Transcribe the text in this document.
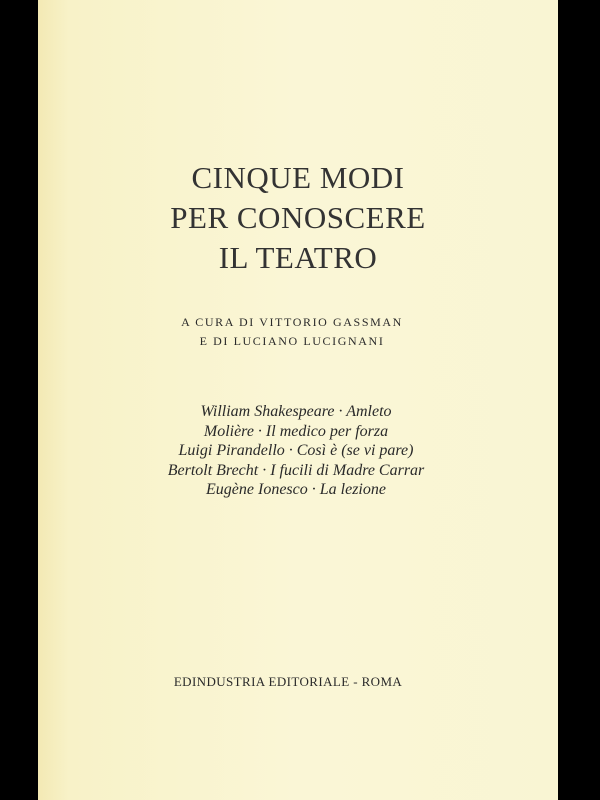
CINQUE MODI
PER CONOSCERE
IL TEATRO
A CURA DI VITTORIO GASSMAN
E DI LUCIANO LUCIGNANI
William Shakespeare · Amleto
Molière · Il medico per forza
Luigi Pirandello · Così è (se vi pare)
Bertolt Brecht · I fucili di Madre Carrar
Eugène Ionesco · La lezione
EDINDUSTRIA EDITORIALE - ROMA
